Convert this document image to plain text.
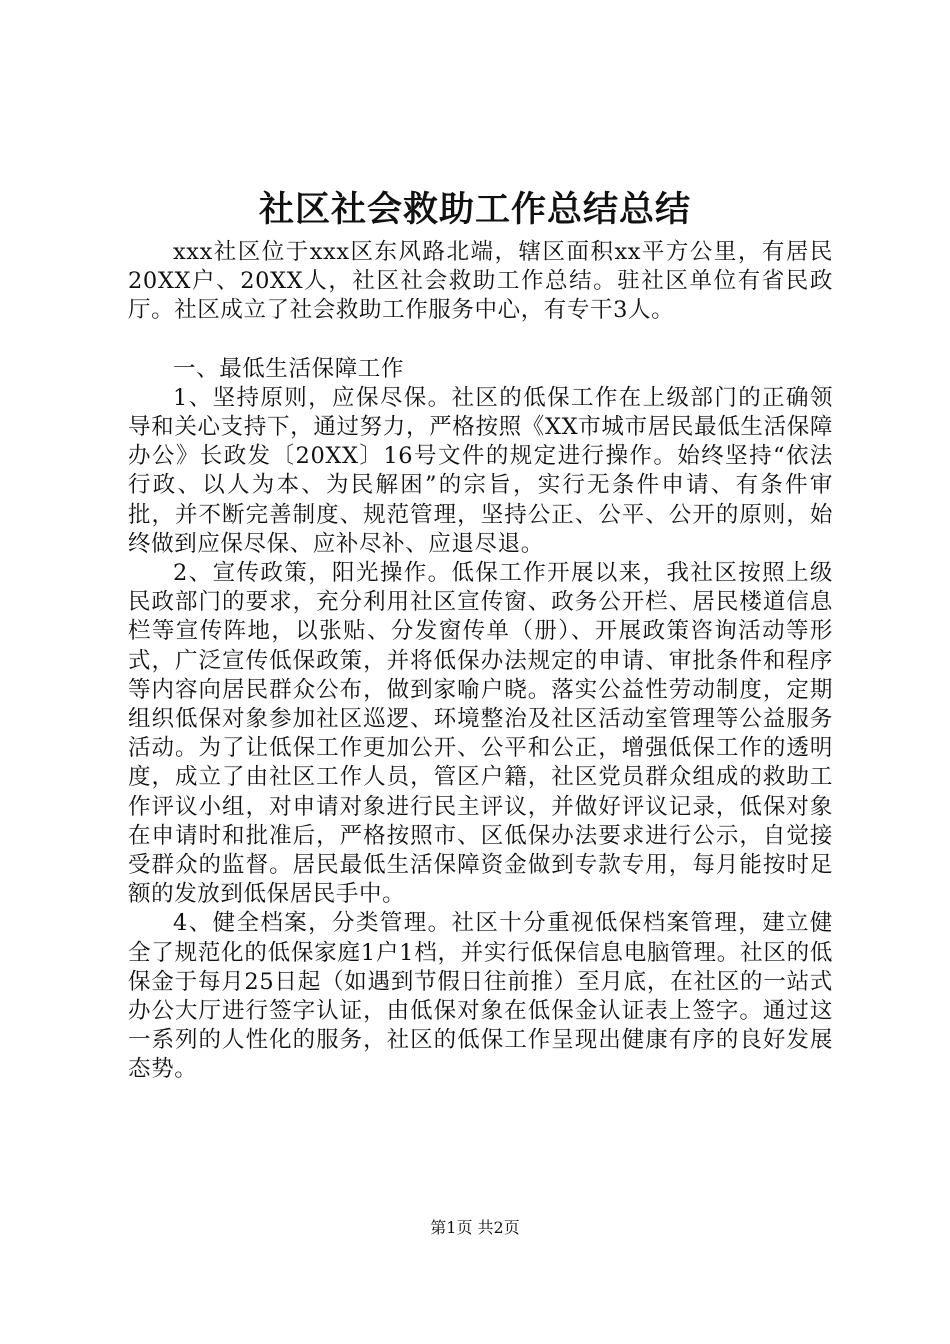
社区社会救助工作总结总结

xxx社区位于xxx区东风路北端，辖区面积xx平方公里，有居民20XX户、20XX人，社区社会救助工作总结。驻社区单位有省民政厅。社区成立了社会救助工作服务中心，有专干3人。

一、最低生活保障工作

1、坚持原则，应保尽保。社区的低保工作在上级部门的正确领导和关心支持下，通过努力，严格按照《XX市城市居民最低生活保障办公》长政发〔20XX〕16号文件的规定进行操作。始终坚持“依法行政、以人为本、为民解困”的宗旨，实行无条件申请、有条件审批，并不断完善制度、规范管理，坚持公正、公平、公开的原则，始终做到应保尽保、应补尽补、应退尽退。

2、宣传政策，阳光操作。低保工作开展以来，我社区按照上级民政部门的要求，充分利用社区宣传窗、政务公开栏、居民楼道信息栏等宣传阵地，以张贴、分发窗传单（册）、开展政策咨询活动等形式，广泛宣传低保政策，并将低保办法规定的申请、审批条件和程序等内容向居民群众公布，做到家喻户晓。落实公益性劳动制度，定期组织低保对象参加社区巡逻、环境整治及社区活动室管理等公益服务活动。为了让低保工作更加公开、公平和公正，增强低保工作的透明度，成立了由社区工作人员，管区户籍，社区党员群众组成的救助工作评议小组，对申请对象进行民主评议，并做好评议记录，低保对象在申请时和批准后，严格按照市、区低保办法要求进行公示，自觉接受群众的监督。居民最低生活保障资金做到专款专用，每月能按时足额的发放到低保居民手中。

4、健全档案，分类管理。社区十分重视低保档案管理，建立健全了规范化的低保家庭1户1档，并实行低保信息电脑管理。社区的低保金于每月25日起（如遇到节假日往前推）至月底，在社区的一站式办公大厅进行签字认证，由低保对象在低保金认证表上签字。通过这一系列的人性化的服务，社区的低保工作呈现出健康有序的良好发展态势。

第1页 共2页
